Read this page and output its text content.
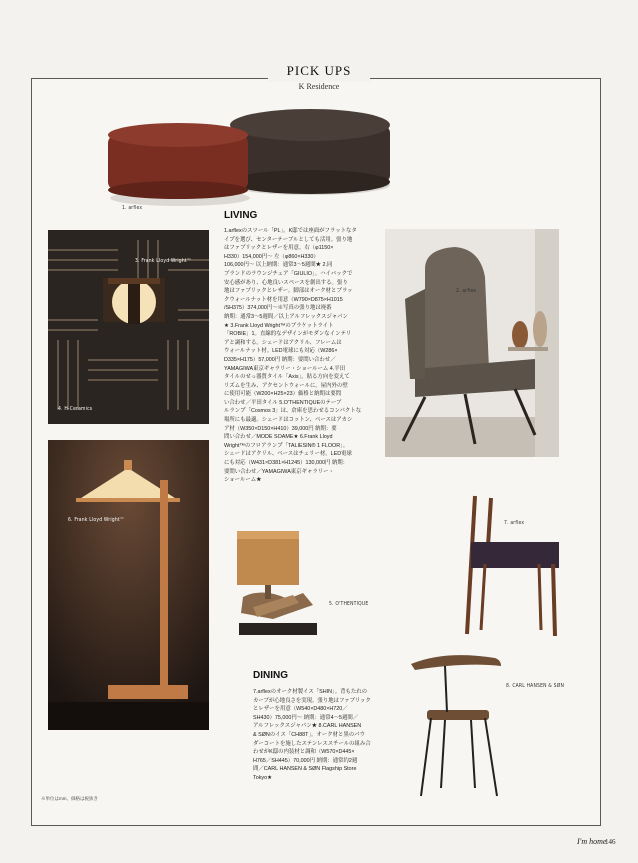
PICK UPS
K Residence
1. arflex
3. Frank Lloyd Wright™
4. H-Ceramics
6. Frank Lloyd Wright™
2. arflex
5. O'THENTIQUE
7. arflex
8. CARL HANSEN & SØN
LIVING
1.arflexのスツール「PL」。K邸では座面がフラットなタ
イプを選び、センターテーブルとしても活用。張り地
はファブリックとレザーを用意。右（φ1150×
H330）154,000円〜 左（φ860×H330）
106,000円〜 以上納期：通常3〜5週間★ 2.同
ブランドのラウンジチェア「GIULIO」。ハイバックで
安心感があり、心地良いスペースを創出する。張り
地はファブリックとレザー。脚部はオーク材とブラッ
クウォールナット材を用意（W790×D875×H1015
/SH375）374,000円〜※写真の張り地は廃番
納期：通常3〜5週間／以上アルフレックスジャパン
★ 3.Frank Lloyd Wright™のブラケットライト
「ROBIE」1。直線的なデザインがモダンなインテリ
アと調和する。シェードはアクリル、フレームは
ウォールナット材。LED電球にも対応（W286×
D335×H175）57,000円 納期：要問い合わせ／
YAMAGIWA東京ギャラリー・ショールーム 4.平田
タイルのせっ器質タイル「Axis」。貼る方向を変えて
リズムを生み、アクセントウォールに。屋内外の壁
に使用可能（W200×H25×23）価格と納期は要問
い合わせ／平田タイル 5.O'THENTIQUEのテーブ
ルランプ「Cosmos 3」は、倉庫を思わせるコンパクトな
場所にも最適。シェードはコットン、ベースはアカシ
ア材（W350×D150×H410）39,000円 納期：要
問い合わせ／MODE SOAME★ 6.Frank Lloyd
Wright™のフロアランプ「TALIESIN® 1 FLOOR」。
シェードはアクリル、ベースはチェリー材。LED電球
にも対応（W431×D381×H1245）130,000円 納期：
要問い合わせ／YAMAGIWA東京ギャラリー・
ショールーム★
DINING
7.arflexのオーク材製イス「SHIN」。背もたれの
カーブが心地良さを実現。張り地はファブリック
とレザーを用意（W540×D480×H720／
SH430）75,000円〜 納期：通常4〜5週間／
アルフレックスジャパン★ 8.CARL HANSEN
& SØNのイス「CH88T」。オーク材と黒のパウ
ダーコートを施したステンレススチールの組み合
わせがK邸の内装材と調和（W570×D445×
H765／SH445）70,000円 納期：通常約2週
間／CARL HANSEN & SØN Flagship Store
Tokyo★
※単位はmm、価格は税抜き
I'm home
146
